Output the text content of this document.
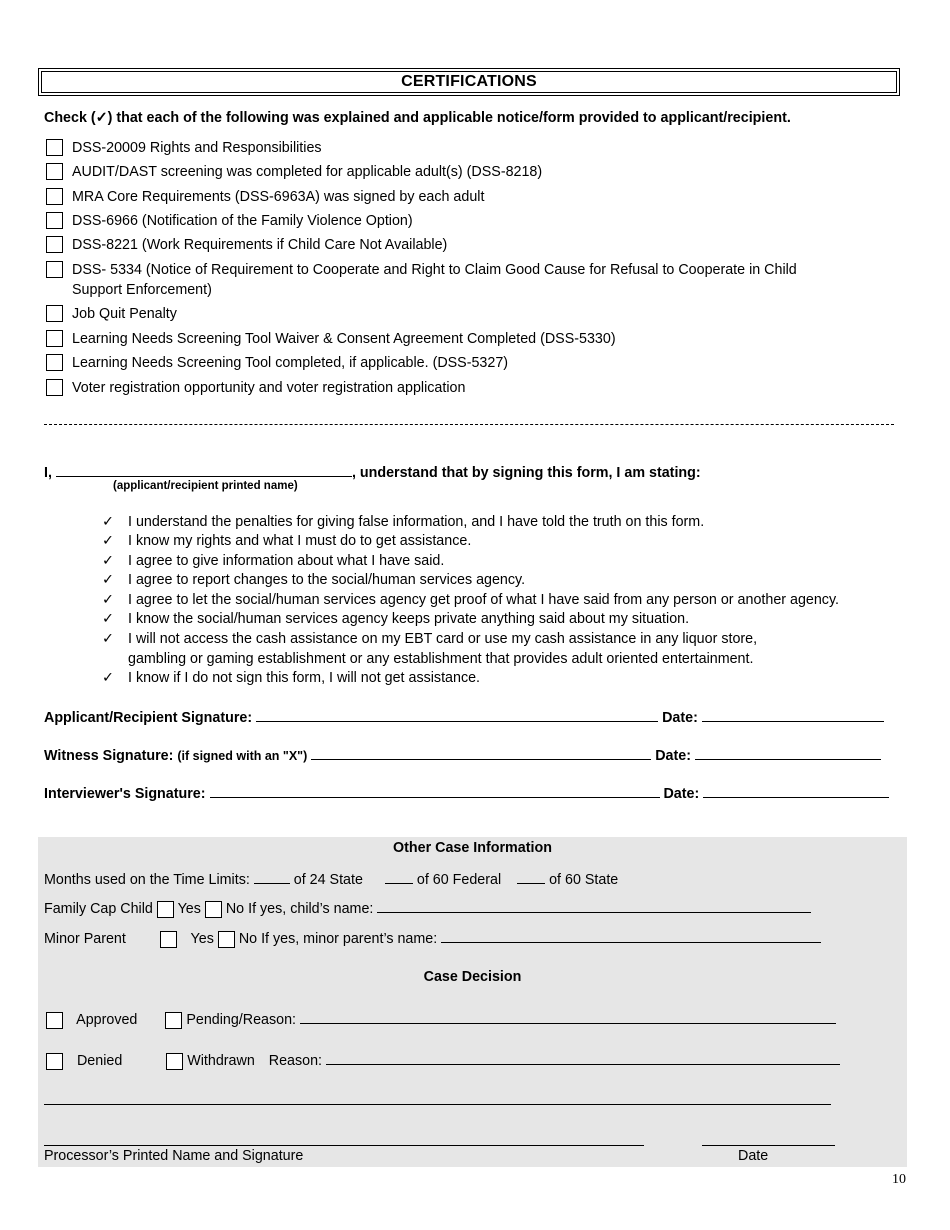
CERTIFICATIONS
Check (✓) that each of the following was explained and applicable notice/form provided to applicant/recipient.
DSS-20009 Rights and Responsibilities
AUDIT/DAST screening was completed for applicable adult(s) (DSS-8218)
MRA Core Requirements (DSS-6963A) was signed by each adult
DSS-6966 (Notification of the Family Violence Option)
DSS-8221 (Work Requirements if Child Care Not Available)
DSS- 5334 (Notice of Requirement to Cooperate and Right to Claim Good Cause for Refusal to Cooperate in Child Support Enforcement)
Job Quit Penalty
Learning Needs Screening Tool Waiver & Consent Agreement Completed (DSS-5330)
Learning Needs Screening Tool completed, if applicable. (DSS-5327)
Voter registration opportunity and voter registration application
I,	, understand that by signing this form, I am stating:
(applicant/recipient printed name)
✓ I understand the penalties for giving false information, and I have told the truth on this form.
✓ I know my rights and what I must do to get assistance.
✓ I agree to give information about what I have said.
✓ I agree to report changes to the social/human services agency.
✓ I agree to let the social/human services agency get proof of what I have said from any person or another agency.
✓ I know the social/human services agency keeps private anything said about my situation.
✓ I will not access the cash assistance on my EBT card or use my cash assistance in any liquor store, gambling or gaming establishment or any establishment that provides adult oriented entertainment.
✓ I know if I do not sign this form, I will not get assistance.
Applicant/Recipient Signature:	Date:
Witness Signature: (if signed with an "X")	Date:
Interviewer's Signature:	Date:
Other Case Information
Months used on the Time Limits:	of 24 State	of 60 Federal	of 60 State
Family Cap Child Yes No If yes, child’s name:
Minor Parent	Yes No If yes, minor parent’s name:
Case Decision
Approved	Pending/Reason:
Denied	Withdrawn Reason:
Processor’s Printed Name and Signature	Date
10
